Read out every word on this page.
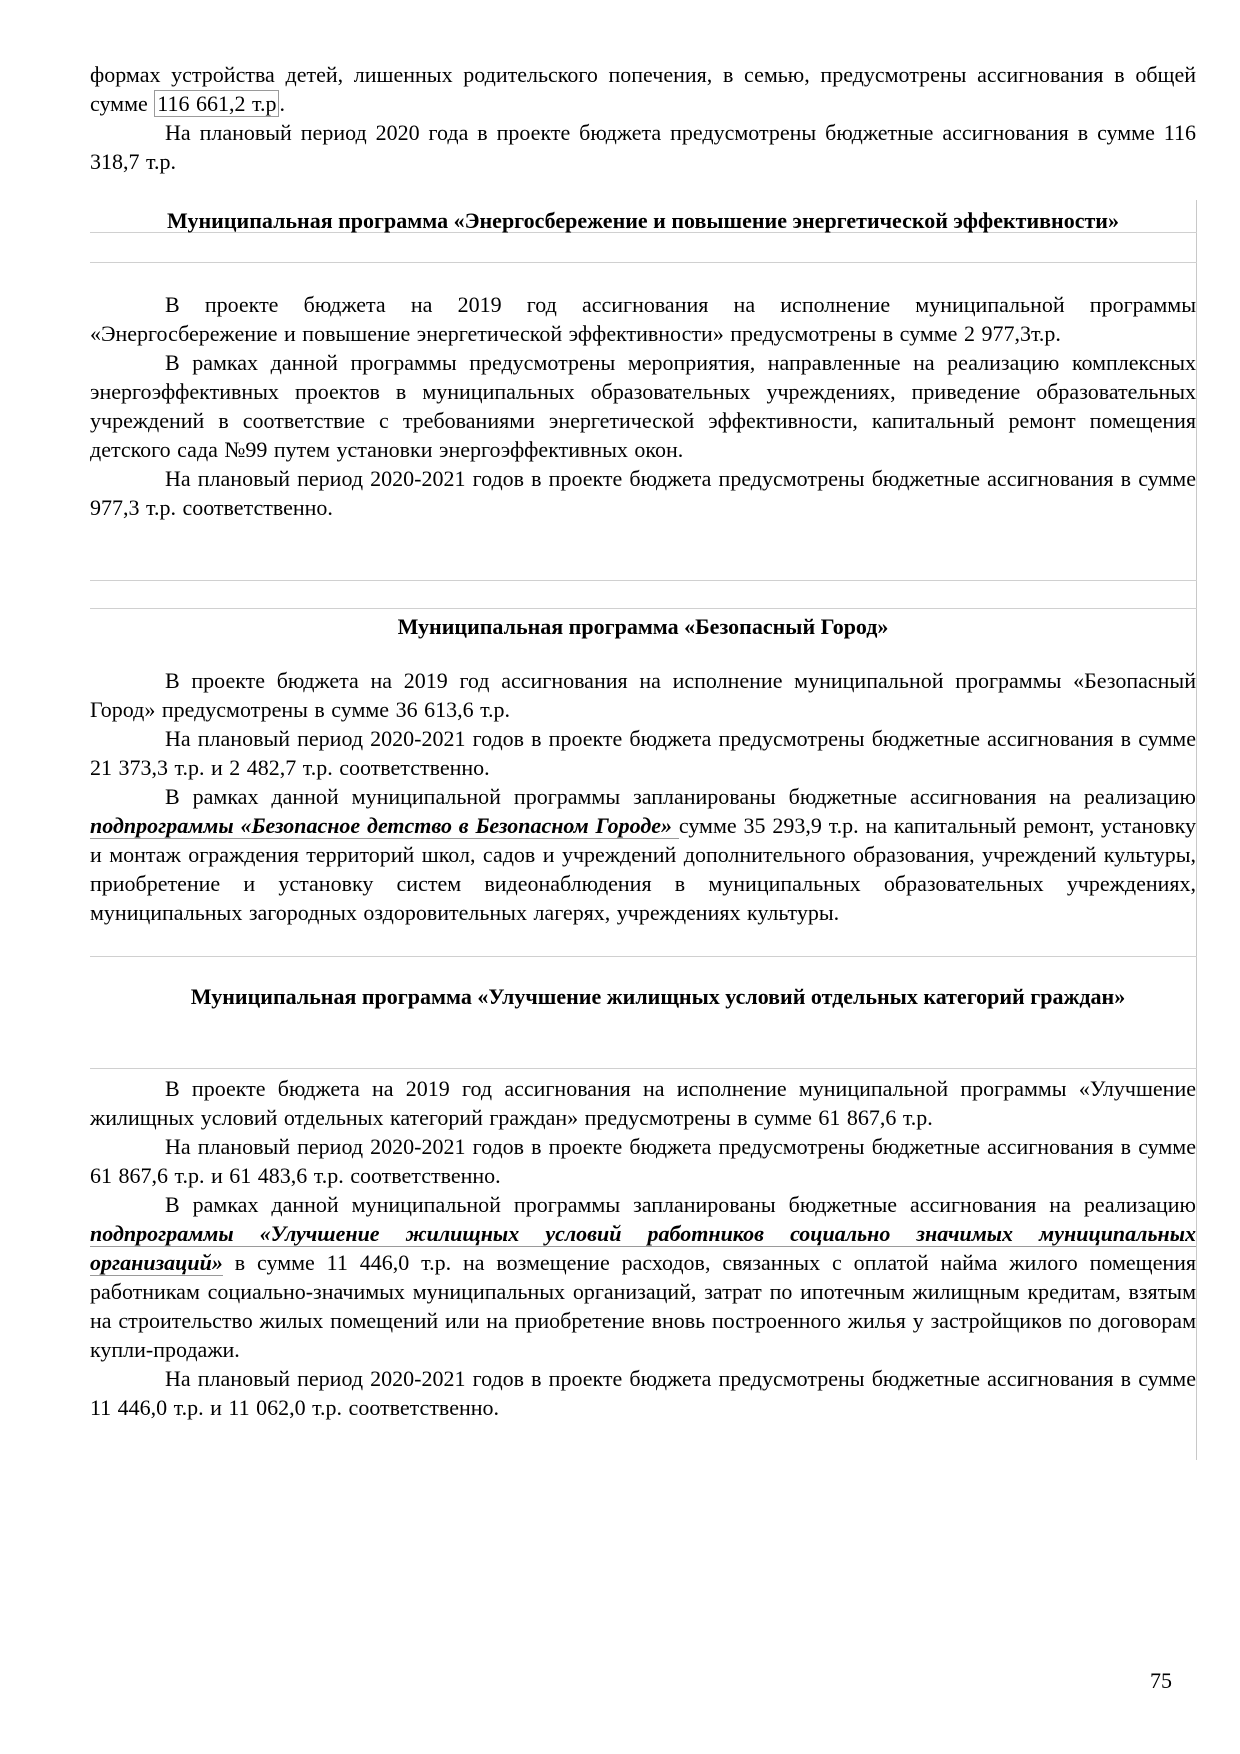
формах устройства детей, лишенных родительского попечения, в семью, предусмотрены ассигнования в общей сумме 116 661,2 т.р .

На плановый период 2020 года в проекте бюджета предусмотрены бюджетные ассигнования в сумме 116 318,7 т.р.

Муниципальная программа «Энергосбережение и повышение энергетической эффективности»

В проекте бюджета на 2019 год ассигнования на исполнение муниципальной программы «Энергосбережение и повышение энергетической эффективности» предусмотрены в сумме 2 977,3т.р.

В рамках данной программы предусмотрены мероприятия, направленные на реализацию комплексных энергоэффективных проектов в муниципальных образовательных учреждениях, приведение образовательных учреждений в соответствие с требованиями энергетической эффективности, капитальный ремонт помещения детского сада №99 путем установки энергоэффективных окон.

На плановый период 2020-2021 годов в проекте бюджета предусмотрены бюджетные ассигнования в сумме 977,3 т.р. соответственно.

Муниципальная программа «Безопасный Город»

В проекте бюджета на 2019 год ассигнования на исполнение муниципальной программы «Безопасный Город» предусмотрены в сумме 36 613,6 т.р.

На плановый период 2020-2021 годов в проекте бюджета предусмотрены бюджетные ассигнования в сумме 21 373,3 т.р. и 2 482,7 т.р. соответственно.

В рамках данной муниципальной программы запланированы бюджетные ассигнования на реализацию подпрограммы «Безопасное детство в Безопасном Городе» сумме 35 293,9 т.р. на капитальный ремонт, установку и монтаж ограждения территорий школ, садов и учреждений дополнительного образования, учреждений культуры, приобретение и установку систем видеонаблюдения в муниципальных образовательных учреждениях, муниципальных загородных оздоровительных лагерях, учреждениях культуры.

Муниципальная программа «Улучшение жилищных условий отдельных категорий граждан»

В проекте бюджета на 2019 год ассигнования на исполнение муниципальной программы «Улучшение жилищных условий отдельных категорий граждан» предусмотрены в сумме 61 867,6 т.р.

На плановый период 2020-2021 годов в проекте бюджета предусмотрены бюджетные ассигнования в сумме 61 867,6 т.р. и 61 483,6 т.р. соответственно.

В рамках данной муниципальной программы запланированы бюджетные ассигнования на реализацию подпрограммы «Улучшение жилищных условий работников социально значимых муниципальных организаций» в сумме 11 446,0 т.р. на возмещение расходов, связанных с оплатой найма жилого помещения работникам социально-значимых муниципальных организаций, затрат по ипотечным жилищным кредитам, взятым на строительство жилых помещений или на приобретение вновь построенного жилья у застройщиков по договорам купли-продажи.

На плановый период 2020-2021 годов в проекте бюджета предусмотрены бюджетные ассигнования в сумме 11 446,0 т.р. и 11 062,0 т.р. соответственно.

75
